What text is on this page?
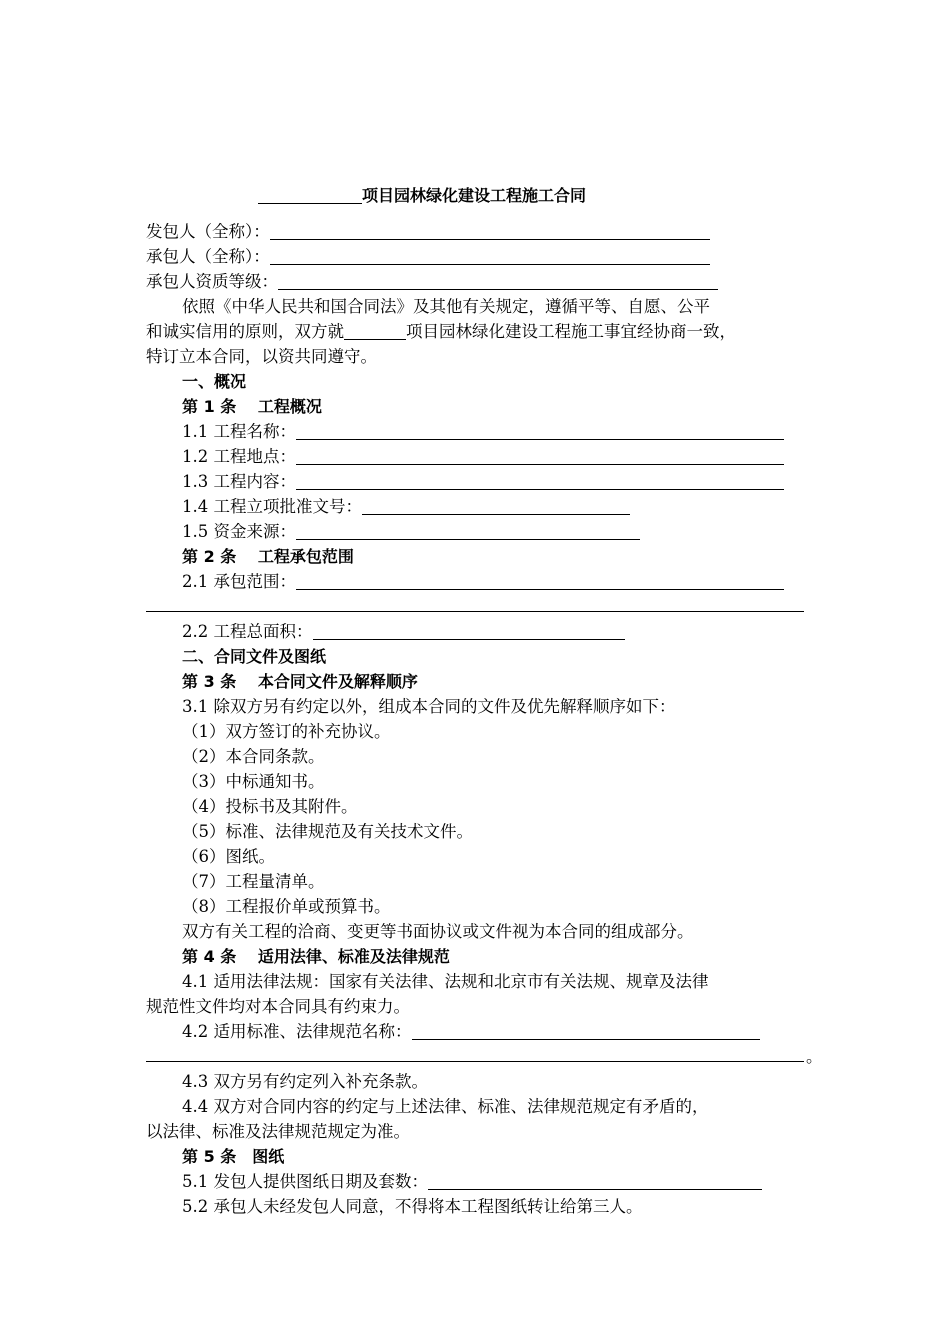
项目园林绿化建设工程施工合同
发包人（全称）：
承包人（全称）：
承包人资质等级：
依照《中华人民共和国合同法》及其他有关规定，遵循平等、自愿、公平
和诚实信用的原则，双方就	项目园林绿化建设工程施工事宜经协商一致，
特订立本合同，以资共同遵守。
一、概况
第 1 条　 工程概况
1.1 工程名称：
1.2 工程地点：
1.3 工程内容：
1.4 工程立项批准文号：
1.5 资金来源：
第 2 条　 工程承包范围
2.1 承包范围：
2.2 工程总面积：
二、合同文件及图纸
第 3 条　 本合同文件及解释顺序
3.1 除双方另有约定以外，组成本合同的文件及优先解释顺序如下：
（1）双方签订的补充协议。
（2）本合同条款。
（3）中标通知书。
（4）投标书及其附件。
（5）标准、法律规范及有关技术文件。
（6）图纸。
（7）工程量清单。
（8）工程报价单或预算书。
双方有关工程的洽商、变更等书面协议或文件视为本合同的组成部分。
第 4 条　 适用法律、标准及法律规范
4.1 适用法律法规：国家有关法律、法规和北京市有关法规、规章及法律
规范性文件均对本合同具有约束力。
4.2 适用标准、法律规范名称：
。
4.3 双方另有约定列入补充条款。
4.4 双方对合同内容的约定与上述法律、标准、法律规范规定有矛盾的，
以法律、标准及法律规范规定为准。
第 5 条　图纸
5.1 发包人提供图纸日期及套数：
5.2 承包人未经发包人同意，不得将本工程图纸转让给第三人。
